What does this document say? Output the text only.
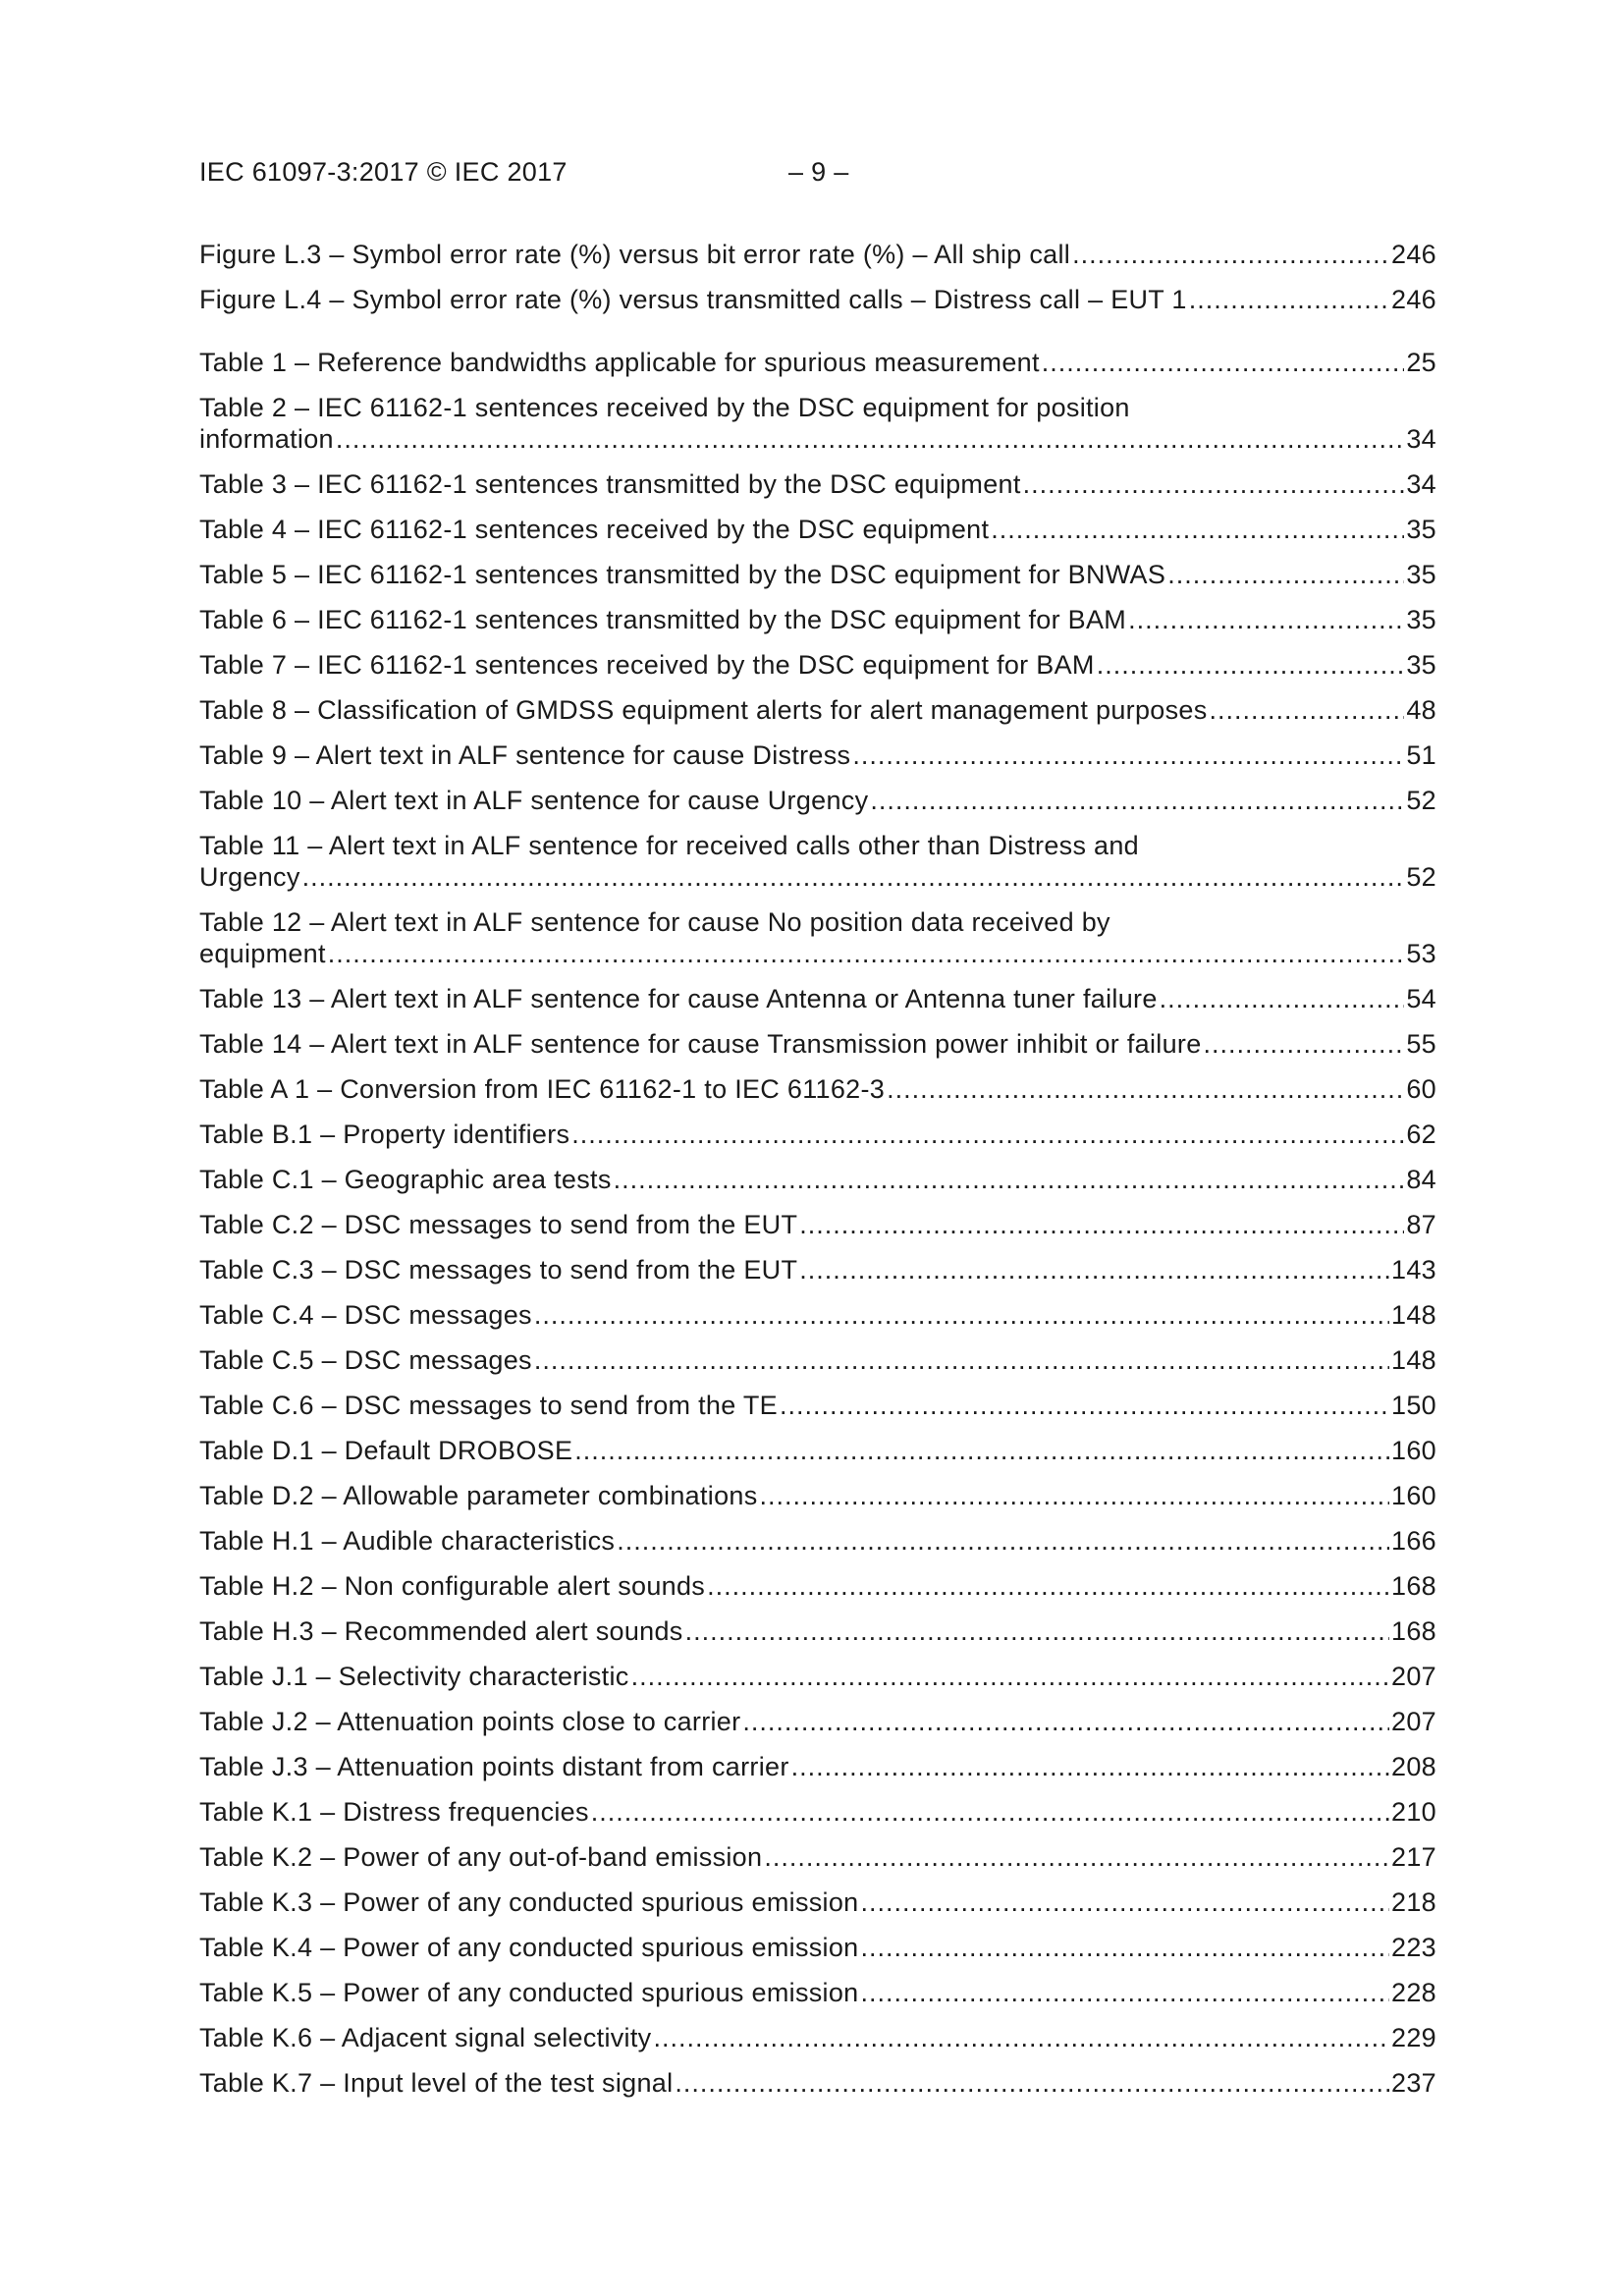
IEC 61097-3:2017 © IEC 2017	– 9 –
Figure L.3 – Symbol error rate (%) versus bit error rate (%) – All ship call .....	246
Figure L.4 – Symbol error rate (%) versus transmitted calls – Distress call – EUT 1 .....	246
Table 1 – Reference bandwidths applicable for spurious measurement .....	25
Table 2 – IEC 61162-1 sentences received by the DSC equipment for position
information .....	34
Table 3 – IEC 61162-1 sentences transmitted by the DSC equipment .....	34
Table 4 – IEC 61162-1 sentences received by the DSC equipment .....	35
Table 5 – IEC 61162-1 sentences transmitted by the DSC equipment for BNWAS .....	35
Table 6 – IEC 61162-1 sentences transmitted by the DSC equipment for BAM .....	35
Table 7 – IEC 61162-1 sentences received by the DSC equipment for BAM .....	35
Table 8 – Classification of GMDSS equipment alerts for alert management purposes .....	48
Table 9 – Alert text in ALF sentence for cause Distress .....	51
Table 10 – Alert text in ALF sentence for cause Urgency .....	52
Table 11 – Alert text in ALF sentence for received calls other than Distress and
Urgency .....	52
Table 12 – Alert text in ALF sentence for cause No position data received by
equipment .....	53
Table 13 – Alert text in ALF sentence for cause Antenna or Antenna tuner failure .....	54
Table 14 – Alert text in ALF sentence for cause Transmission power inhibit or failure .....	55
Table A 1 – Conversion from IEC 61162-1 to IEC 61162-3 .....	60
Table B.1 – Property identifiers .....	62
Table C.1 – Geographic area tests .....	84
Table C.2 – DSC messages to send from the EUT .....	87
Table C.3 – DSC messages to send from the EUT .....	143
Table C.4 – DSC messages .....	148
Table C.5 – DSC messages .....	148
Table C.6 – DSC messages to send from the TE .....	150
Table D.1 – Default DROBOSE .....	160
Table D.2 – Allowable parameter combinations .....	160
Table H.1 – Audible characteristics .....	166
Table H.2 – Non configurable alert sounds .....	168
Table H.3 – Recommended alert sounds .....	168
Table J.1 – Selectivity characteristic .....	207
Table J.2 – Attenuation points close to carrier .....	207
Table J.3 – Attenuation points distant from carrier .....	208
Table K.1 – Distress frequencies .....	210
Table K.2 – Power of any out-of-band emission .....	217
Table K.3 – Power of any conducted spurious emission .....	218
Table K.4 – Power of any conducted spurious emission .....	223
Table K.5 – Power of any conducted spurious emission .....	228
Table K.6 – Adjacent signal selectivity .....	229
Table K.7 – Input level of the test signal .....	237
